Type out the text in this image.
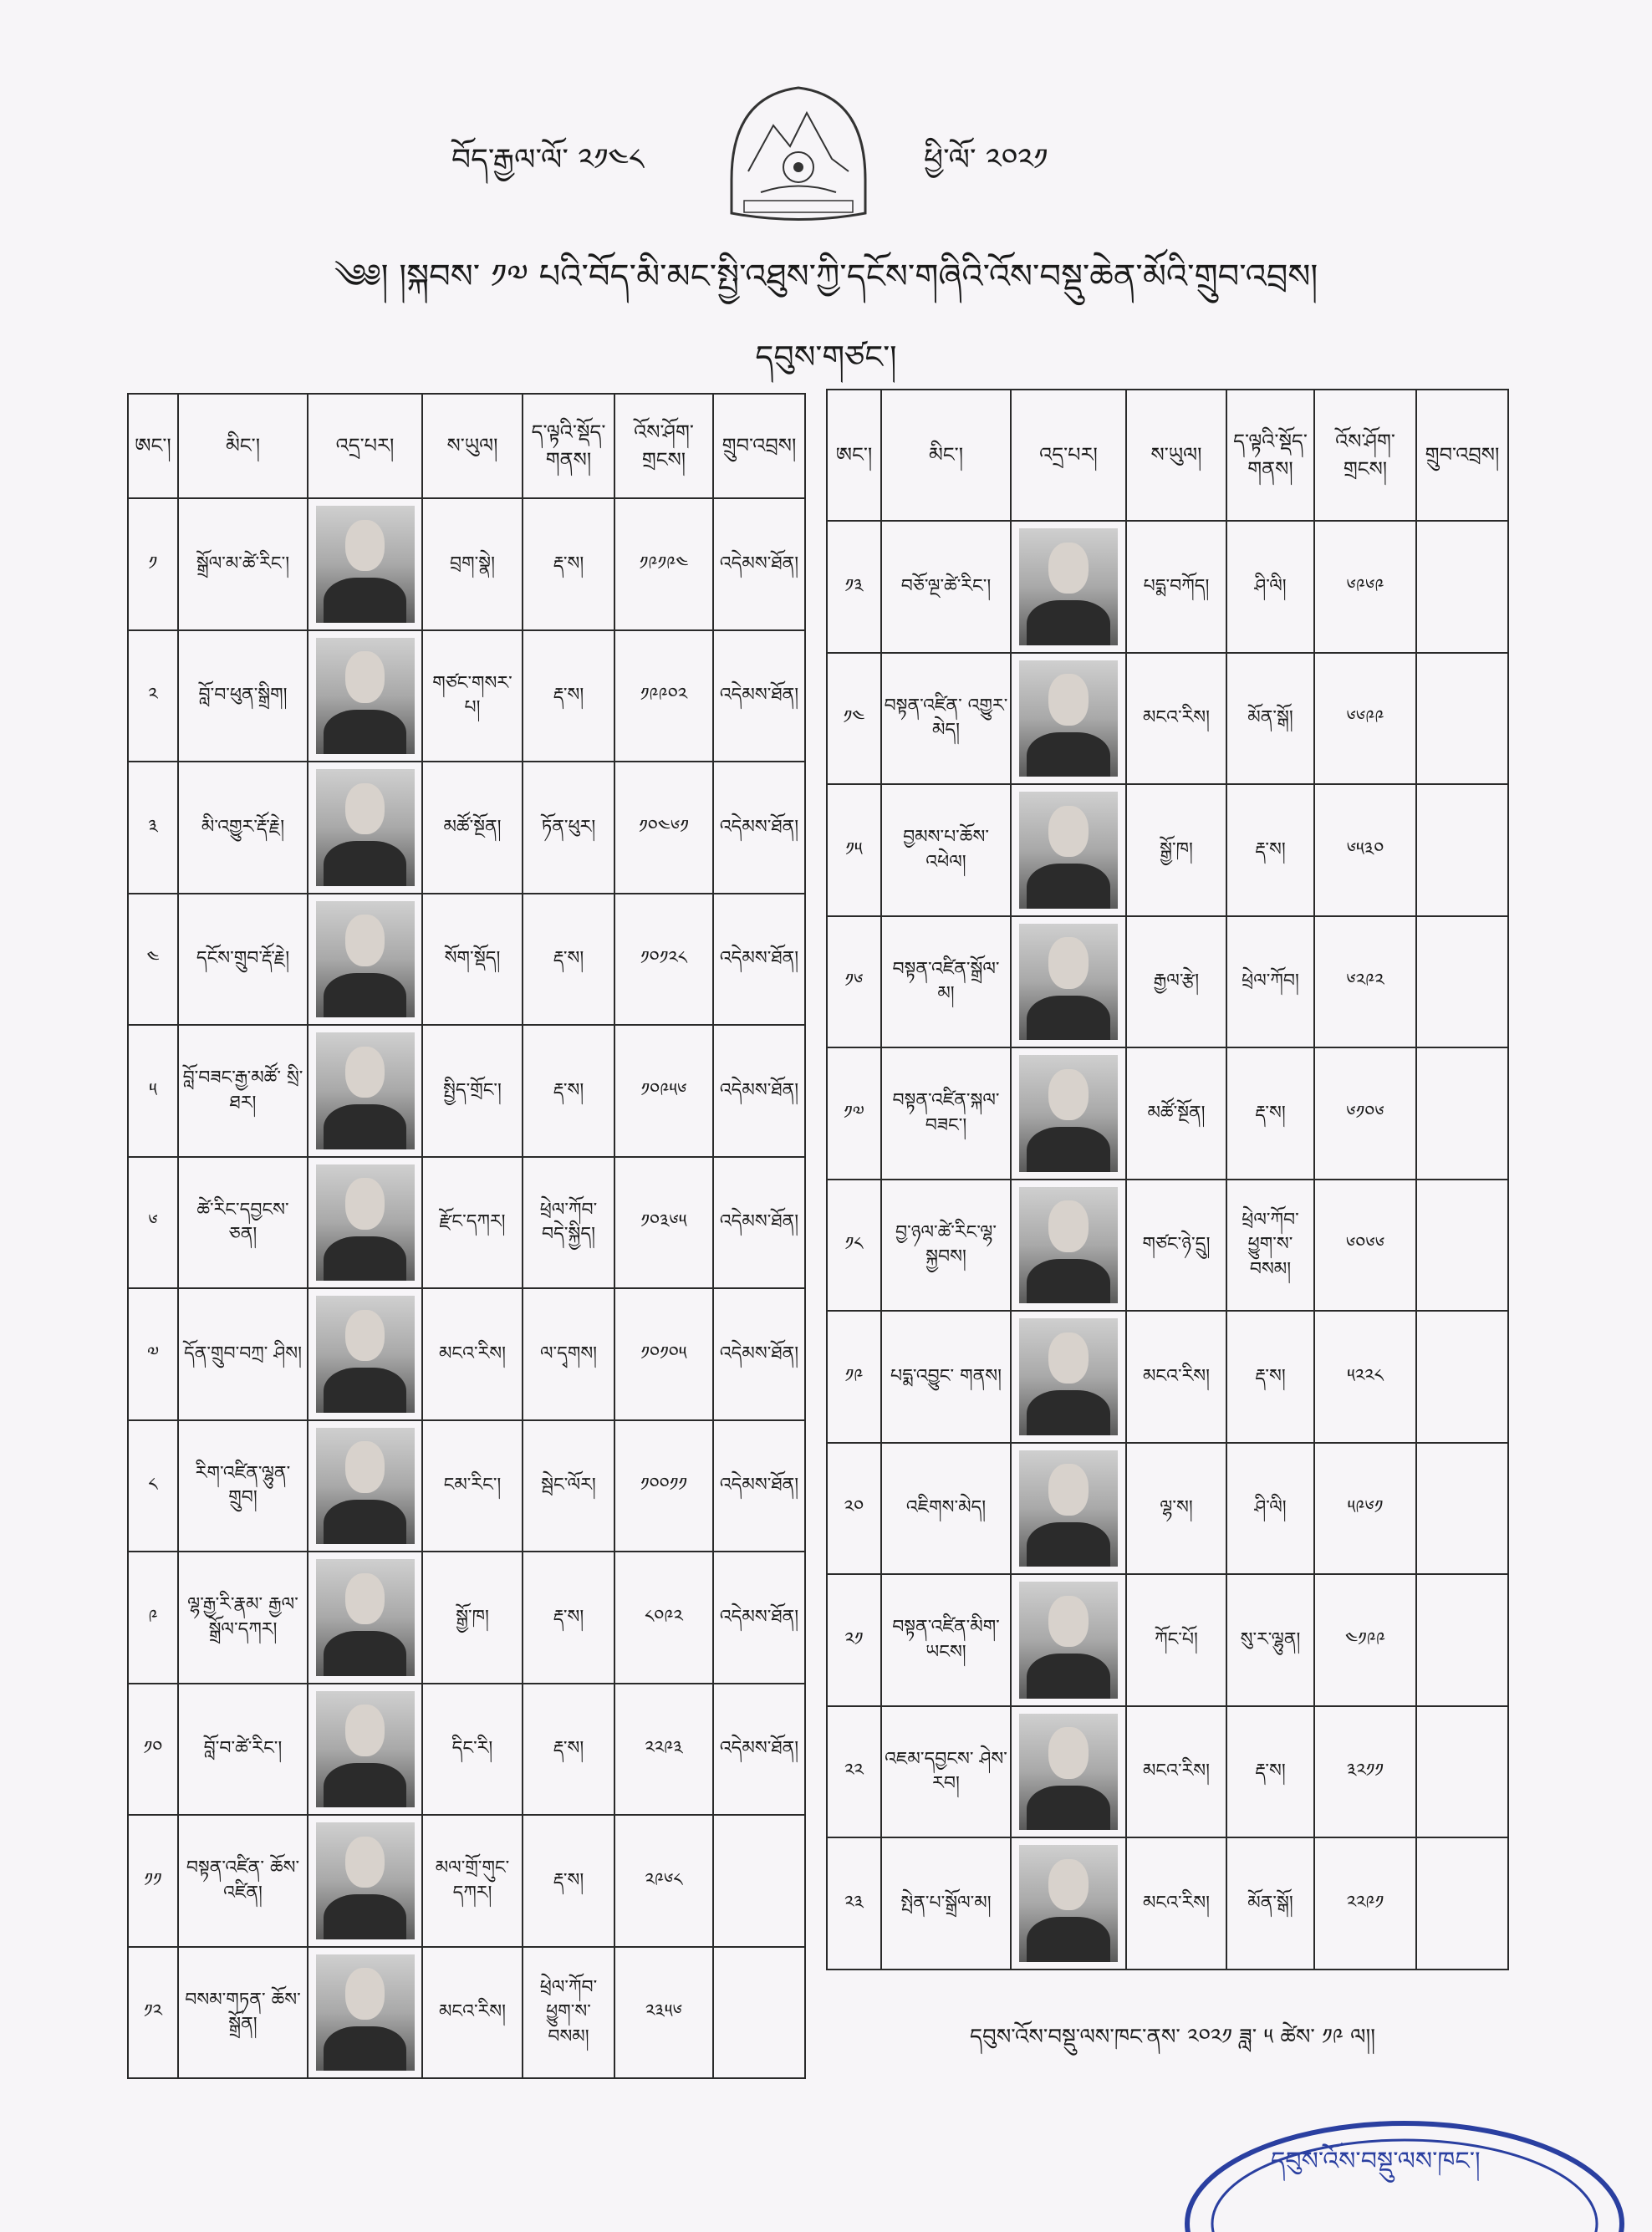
བོད་རྒྱལ་ལོ་ ༢༡༤༨	ཕྱི་ལོ་ ༢༠༢༡
༄༅། །སྐབས་ ༡༧ པའི་བོད་མི་མང་སྤྱི་འཐུས་ཀྱི་དངོས་གཞིའི་འོས་བསྡུ་ཆེན་མོའི་གྲུབ་འབྲས།
དབུས་གཙང་།
ཨང་།	མིང་།	འདྲ་པར།	ས་ཡུལ།	ད་ལྟའི་སྡོད་གནས།	འོས་ཤོག་གྲངས།	གྲུབ་འབྲས།
༡	སྒྲོལ་མ་ཚེ་རིང་།		བྲག་སྣེ།	རྡ་ས།	༡༩༡༩༤	འདེམས་ཐོན།
༢	བློ་བ་ཕུན་སྒྲིག།		གཙང་གསར་པ།	རྡ་ས།	༡༩༩༠༢	འདེམས་ཐོན།
༣	མི་འགྱུར་རྡོ་རྗེ།		མཚོ་སྔོན།	ཏོན་ཕུར།	༡༠༤༦༡	འདེམས་ཐོན།
༤	དངོས་གྲུབ་རྡོ་རྗེ།		སོག་སྡོད།	རྡ་ས།	༡༠༡༢༨	འདེམས་ཐོན།
༥	བློ་བཟང་རྒྱ་མཚོ་ སྲི་ཐར།		སྤྱིད་གྲོང་།	རྡ་ས།	༡༠༩༥༦	འདེམས་ཐོན།
༦	ཚེ་རིང་དབྱངས་ ཅན།		རྫོང་དཀར།	ཕྲེལ་ཀོབ་ བདེ་སྐྱིད།	༡༠༣༦༥	འདེམས་ཐོན།
༧	དོན་གྲུབ་བཀྲ་ ཤིས།		མངའ་རིས།	ལ་དྭགས།	༡༠༡༠༥	འདེམས་ཐོན།
༨	རིག་འཛིན་ལྷུན་ གྲུབ།		ངམ་རིང་།	སྦེང་ལོར།	༡༠༠༡༡	འདེམས་ཐོན།
༩	ལྷ་རྒྱ་རི་རྣམ་ རྒྱལ་སྒྲོལ་དཀར།		སྒྱོ་ཁ།	རྡ་ས།	༨༠༩༢	འདེམས་ཐོན།
༡༠	བློ་བ་ཚེ་རིང་།		དིང་རི།	རྡ་ས།	༢༢༩༣	འདེམས་ཐོན།
༡༡	བསྟན་འཛིན་ ཆོས་འཛིན།		མལ་གྲོ་གུང་ དཀར།	རྡ་ས།	༢༩༦༨	
༡༢	བསམ་གཏན་ ཆོས་སྒྲོན།		མངའ་རིས།	ཕྲེལ་ཀོབ་ ཕྱུག་ས་ བསམ།	༢༣༥༦	
ཨང་།	མིང་།	འདྲ་པར།	ས་ཡུལ།	ད་ལྟའི་སྡོད་གནས།	འོས་ཤོག་གྲངས།	གྲུབ་འབྲས།
༡༣	བཅོ་ལྔ་ཚེ་རིང་།		པདྨ་བཀོད།	ཤི་ལི།	༦༩༦༩	
༡༤	བསྟན་འཛིན་ འགྱུར་མེད།		མངའ་རིས།	མོན་སྒོ།	༦༦༩༩	
༡༥	བྱམས་པ་ཆོས་ འཕེལ།		སྒྱོ་ཁ།	རྡ་ས།	༦༥༣༠	
༡༦	བསྟན་འཛིན་སྒྲོལ་ མ།		རྒྱལ་རྩེ།	ཕྲེལ་ཀོབ།	༦༢༩༢	
༡༧	བསྟན་འཛིན་སྐལ་ བཟང་།		མཚོ་སྔོན།	རྡ་ས།	༦༡༠༦	
༡༨	བྱ་ཉལ་ཚེ་རིང་ལྷ་ སྐྱབས།		གཙང་ཉེ་དྲུ།	ཕྲེལ་ཀོབ་ ཕྱུག་ས་ བསམ།	༦༠༦༦	
༡༩	པདྨ་འབྱུང་ གནས།		མངའ་རིས།	རྡ་ས།	༥༢༢༨	
༢༠	འཇིགས་མེད།		ལྷ་ས།	ཤི་ལི།	༥༩༦༡	
༢༡	བསྟན་འཛིན་མིག་ ཡངས།		ཀོང་པོ།	སུ་ར་ལྷུན།	༤༡༩༩	
༢༢	འཇམ་དབྱངས་ ཤེས་རབ།		མངའ་རིས།	རྡ་ས།	༣༢༡༡	
༢༣	སྤེན་པ་སྒྲོལ་མ།		མངའ་རིས།	མོན་སྒོ།	༢༢༩༡	
དབུས་འོས་བསྡུ་ལས་ཁང་ནས་ ༢༠༢༡ ཟླ་ ༥ ཚེས་ ༡༩ ལ།།
དབུས་འོས་བསྡུ་ལས་ཁང་།
